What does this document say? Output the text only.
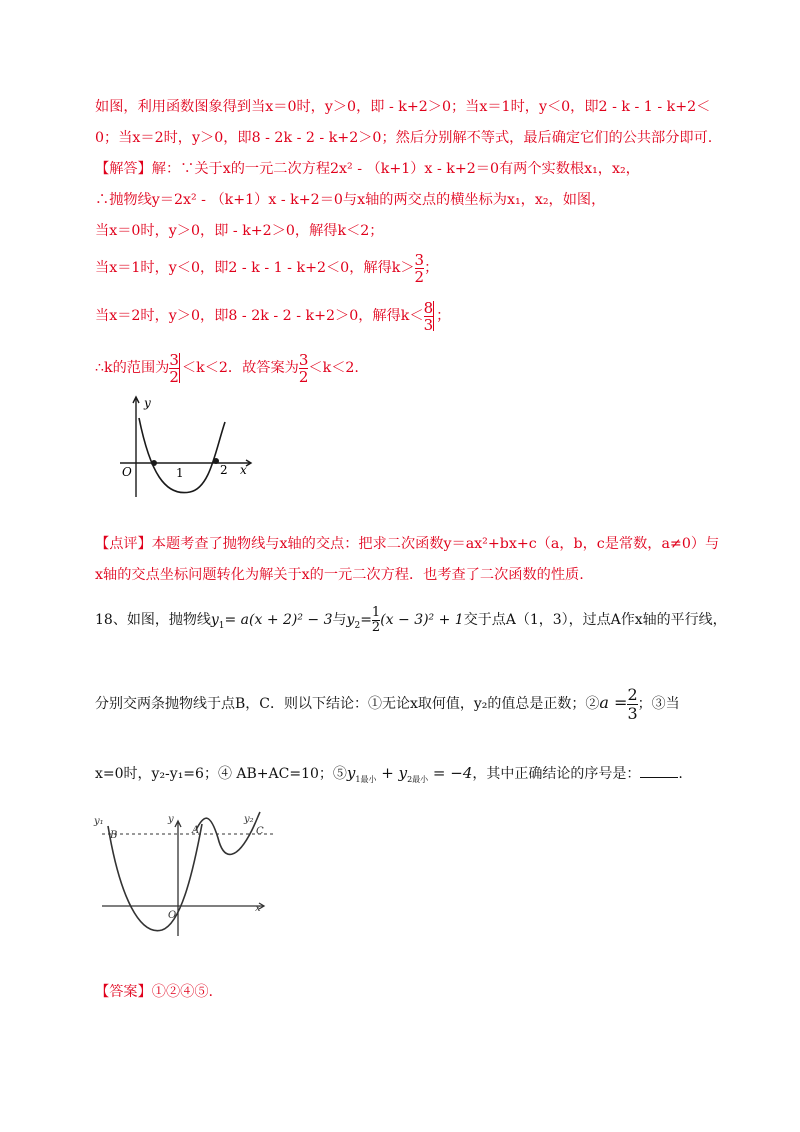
如图，利用函数图象得到当x＝0时，y＞0，即 - k+2＞0；当x＝1时，y＜0，即2 - k - 1 - k+2＜
0；当x＝2时，y＞0，即8 - 2k - 2 - k+2＞0；然后分别解不等式，最后确定它们的公共部分即可.
【解答】解：∵关于x的一元二次方程2x² - （k+1）x - k+2＝0有两个实数根x₁，x₂，
∴抛物线y＝2x² - （k+1）x - k+2＝0与x轴的两交点的横坐标为x₁，x₂，如图，
当x＝0时，y＞0，即 - k+2＞0，解得k＜2；
当x＝1时，y＜0，即2 - k - 1 - k+2＜0，解得$k> \frac{3}{2}$ ；
当x＝2时，y＞0，即8 - 2k - 2 - k+2＞0，解得$k< \frac{8}{3}$ ；
∴k的范围为 $\frac{3}{2} <k<2$．故答案为 $\frac{3}{2} <k<2$.
y
x
O	1	2
【点评】本题考查了抛物线与x轴的交点：把求二次函数y＝ax²+bx+c（a，b，c是常数，a≠0）与
x轴的交点坐标问题转化为解关于x的一元二次方程．也考查了二次函数的性质.
18、如图，抛物线$y_1= a(x + 2)^2 - 3$与$y_2= \frac{1}{2} (x - 3)^2 + 1$交于点A（1，3），过点A作x轴的平行线，
分别交两条抛物线于点B，C．则以下结论：①无论x取何值，y₂的值总是正数；②a = $\frac{2}{3}$ ；③当
x=0时，y₂-y₁=6；④ AB+AC=10；$⑤y_{1最小} + y_{2最小} = -4$，其中正确结论的序号是：	.
y₁
B
y
A
y₂
C
O
x
【答案】①②④⑤.
